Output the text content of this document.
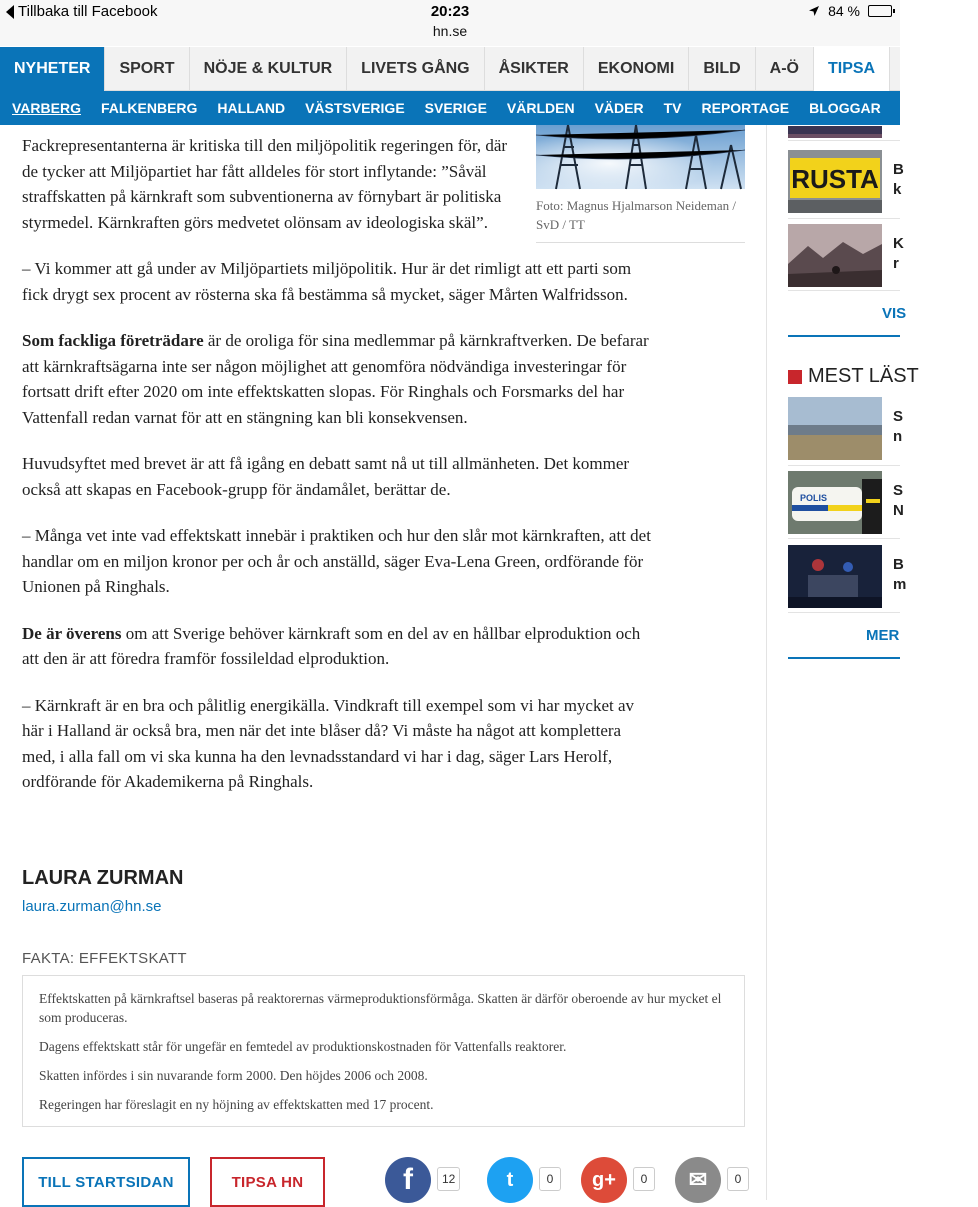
Tillbaka till Facebook	20:23
hn.se
84 %
NYHETER	SPORT	NÖJE & KULTUR	LIVETS GÅNG	ÅSIKTER	EKONOMI	BILD	A-Ö	TIPSA
VARBERG	FALKENBERG	HALLAND	VÄSTSVERIGE	SVERIGE	VÄRLDEN	VÄDER	TV	REPORTAGE	BLOGGAR	KONTAKT
Foto: Magnus Hjalmarson Neideman / SvD / TT

Fackrepresentanterna är kritiska till den miljöpolitik regeringen för, där de tycker att Miljöpartiet har fått alldeles för stort inflytande: ”Såväl straffskatten på kärnkraft som subventionerna av förnybart är politiska styrmedel. Kärnkraften görs medvetet olönsam av ideologiska skäl”.

– Vi kommer att gå under av Miljöpartiets miljöpolitik. Hur är det rimligt att ett parti som fick drygt sex procent av rösterna ska få bestämma så mycket, säger Mårten Walfridsson.

Som fackliga företrädare är de oroliga för sina medlemmar på kärnkraftverken. De befarar att kärnkraftsägarna inte ser någon möjlighet att genomföra nödvändiga investeringar för fortsatt drift efter 2020 om inte effektskatten slopas. För Ringhals och Forsmarks del har Vattenfall redan varnat för att en stängning kan bli konsekvensen.

Huvudsyftet med brevet är att få igång en debatt samt nå ut till allmänheten. Det kommer också att skapas en Facebook-grupp för ändamålet, berättar de.

– Många vet inte vad effektskatt innebär i praktiken och hur den slår mot kärnkraften, att det handlar om en miljon kronor per och år och anställd, säger Eva-Lena Green, ordförande för Unionen på Ringhals.

De är överens om att Sverige behöver kärnkraft som en del av en hållbar elproduktion och att den är att föredra framför fossileldad elproduktion.

– Kärnkraft är en bra och pålitlig energikälla. Vindkraft till exempel som vi har mycket av här i Halland är också bra, men när det inte blåser då? Vi måste ha något att komplettera med, i alla fall om vi ska kunna ha den levnadsstandard vi har i dag, säger Lars Herolf, ordförande för Akademikerna på Ringhals.

LAURA ZURMAN
laura.zurman@hn.se
FAKTA: EFFEKTSKATT

Effektskatten på kärnkraftsel baseras på reaktorernas värmeproduktionsförmåga. Skatten är därför oberoende av hur mycket el som produceras.

Dagens effektskatt står för ungefär en femtedel av produktionskostnaden för Vattenfalls reaktorer.

Skatten infördes i sin nuvarande form 2000. Den höjdes 2006 och 2008.

Regeringen har föreslagit en ny höjning av effektskatten med 17 procent.

TILL STARTSIDAN	TIPSA HN	f	12	t	0	g+	0	✉	0
RUSTA B
k
K
r
VIS
MEST LÄST
S
n
POLIS	S
N
B
m
MER
